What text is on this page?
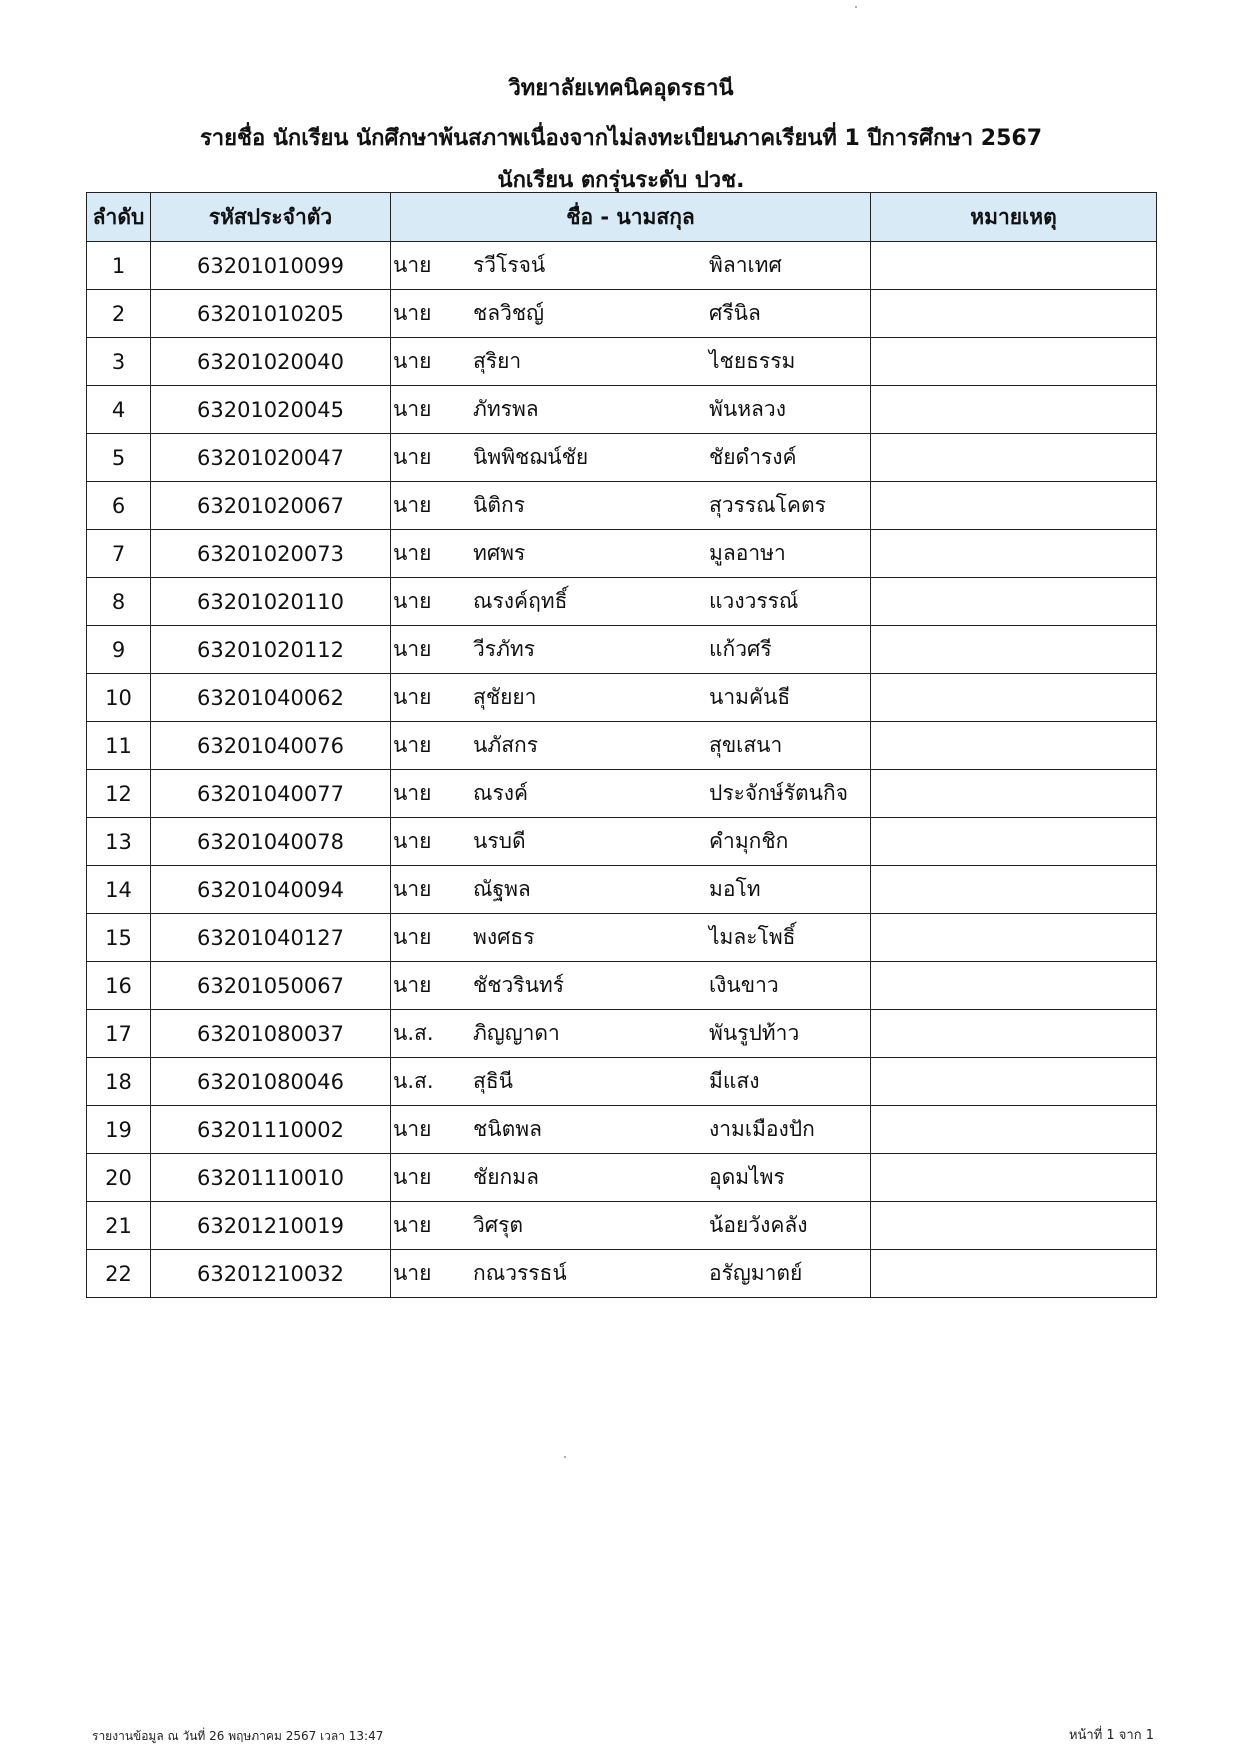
วิทยาลัยเทคนิคอุดรธานี
รายชื่อ นักเรียน นักศึกษาพ้นสภาพเนื่องจากไม่ลงทะเบียนภาคเรียนที่ 1 ปีการศึกษา 2567
นักเรียน ตกรุ่นระดับ ปวช.
ลำดับ	รหัสประจำตัว	ชื่อ - นามสกุล	หมายเหตุ
1	63201010099	นาย รวีโรจน์ พิลาเทศ	

2	63201010205	นาย ชลวิชญ์ ศรีนิล	

3	63201020040	นาย สุริยา ไชยธรรม	

4	63201020045	นาย ภัทรพล พันหลวง	

5	63201020047	นาย นิพพิชฌน์ชัย ชัยดำรงค์	

6	63201020067	นาย นิติกร สุวรรณโคตร	

7	63201020073	นาย ทศพร มูลอาษา	

8	63201020110	นาย ณรงค์ฤทธิ์ แวงวรรณ์	

9	63201020112	นาย วีรภัทร แก้วศรี	

10	63201040062	นาย สุชัยยา นามคันธี	

11	63201040076	นาย นภัสกร สุขเสนา	

12	63201040077	นาย ณรงค์ ประจักษ์รัตนกิจ	

13	63201040078	นาย นรบดี คำมุกชิก	

14	63201040094	นาย ณัฐพล มอโท	

15	63201040127	นาย พงศธร ไมละโพธิ์	

16	63201050067	นาย ชัชวรินทร์ เงินขาว	

17	63201080037	น.ส. ภิญญาดา พันรูปท้าว	

18	63201080046	น.ส. สุธินี มีแสง	

19	63201110002	นาย ชนิตพล งามเมืองปัก	

20	63201110010	นาย ชัยกมล อุดมไพร	

21	63201210019	นาย วิศรุต น้อยวังคลัง	

22	63201210032	นาย กณวรรธน์ อรัญมาตย์	

รายงานข้อมูล ณ วันที่ 26 พฤษภาคม 2567 เวลา 13:47	หน้าที่ 1 จาก 1
